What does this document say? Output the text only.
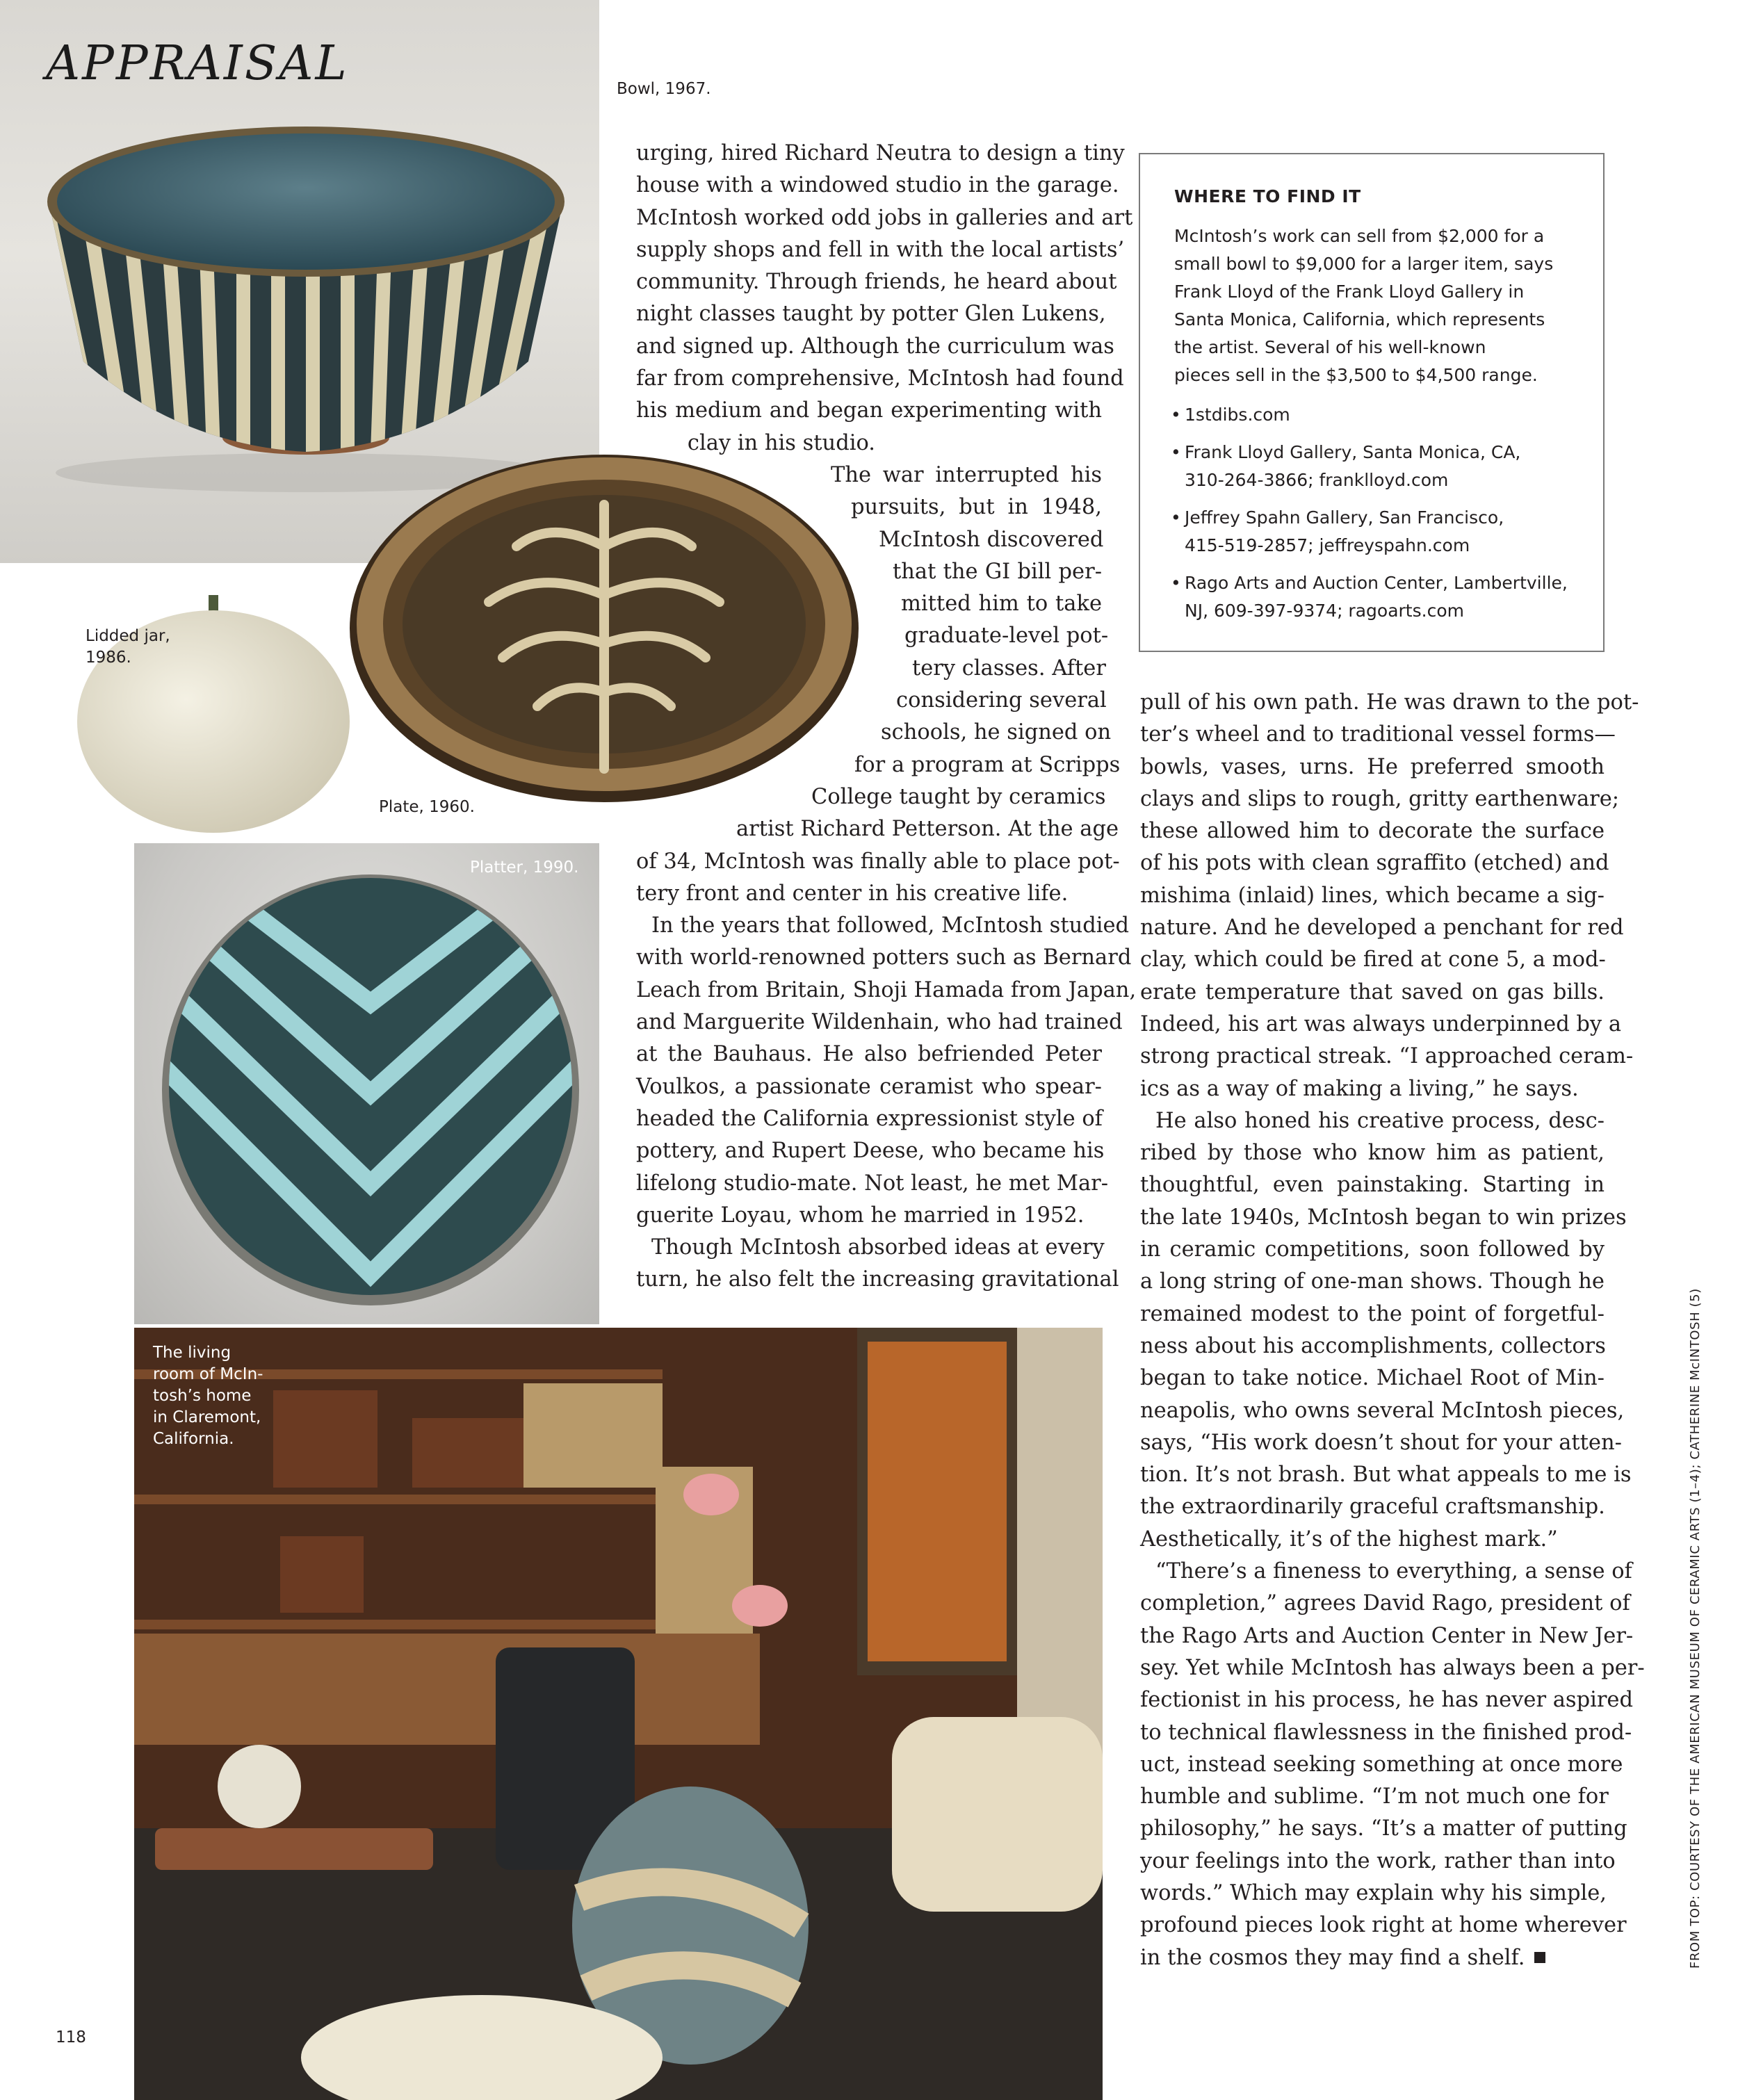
APPRAISAL	Bowl, 1967.
Lidded jar,
1986.
Plate, 1960.
Platter, 1990.
The living
room of McIn-
tosh’s home
in Claremont,
California.
urging, hired Richard Neutra to design a tiny
house with a windowed studio in the garage.
McIntosh worked odd jobs in galleries and art
supply shops and fell in with the local artists’
community. Through friends, he heard about
night classes taught by potter Glen Lukens,
and signed up. Although the curriculum was
far from comprehensive, McIntosh had found
his medium and began experimenting with
clay in his studio.
The war interrupted his
pursuits, but in 1948,
McIntosh discovered
that the GI bill per-
mitted him to take
graduate-level pot-
tery classes. After
considering several
schools, he signed on
for a program at Scripps
College taught by ceramics
artist Richard Petterson. At the age
of 34, McIntosh was finally able to place pot-
tery front and center in his creative life.
In the years that followed, McIntosh studied
with world-renowned potters such as Bernard
Leach from Britain, Shoji Hamada from Japan,
and Marguerite Wildenhain, who had trained
at the Bauhaus. He also befriended Peter
Voulkos, a passionate ceramist who spear-
headed the California expressionist style of
pottery, and Rupert Deese, who became his
lifelong studio-mate. Not least, he met Mar-
guerite Loyau, whom he married in 1952.
Though McIntosh absorbed ideas at every
turn, he also felt the increasing gravitational
WHERE TO FIND IT
McIntosh’s work can sell from $2,000 for a
small bowl to $9,000 for a larger item, says
Frank Lloyd of the Frank Lloyd Gallery in
Santa Monica, California, which represents
the artist. Several of his well-known
pieces sell in the $3,500 to $4,500 range.
• 1stdibs.com
• Frank Lloyd Gallery, Santa Monica, CA,
310-264-3866; franklloyd.com
• Jeffrey Spahn Gallery, San Francisco,
415-519-2857; jeffreyspahn.com
• Rago Arts and Auction Center, Lambertville,
NJ, 609-397-9374; ragoarts.com
pull of his own path. He was drawn to the pot-
ter’s wheel and to traditional vessel forms—
bowls, vases, urns. He preferred smooth
clays and slips to rough, gritty earthenware;
these allowed him to decorate the surface
of his pots with clean sgraffito (etched) and
mishima (inlaid) lines, which became a sig-
nature. And he developed a penchant for red
clay, which could be fired at cone 5, a mod-
erate temperature that saved on gas bills.
Indeed, his art was always underpinned by a
strong practical streak. “I approached ceram-
ics as a way of making a living,” he says.
He also honed his creative process, desc-
ribed by those who know him as patient,
thoughtful, even painstaking. Starting in
the late 1940s, McIntosh began to win prizes
in ceramic competitions, soon followed by
a long string of one-man shows. Though he
remained modest to the point of forgetful-
ness about his accomplishments, collectors
began to take notice. Michael Root of Min-
neapolis, who owns several McIntosh pieces,
says, “His work doesn’t shout for your atten-
tion. It’s not brash. But what appeals to me is
the extraordinarily graceful craftsmanship.
Aesthetically, it’s of the highest mark.”
“There’s a fineness to everything, a sense of
completion,” agrees David Rago, president of
the Rago Arts and Auction Center in New Jer-
sey. Yet while McIntosh has always been a per-
fectionist in his process, he has never aspired
to technical flawlessness in the finished prod-
uct, instead seeking something at once more
humble and sublime. “I’m not much one for
philosophy,” he says. “It’s a matter of putting
your feelings into the work, rather than into
words.” Which may explain why his simple,
profound pieces look right at home wherever
in the cosmos they may find a shelf.	FROM TOP: COURTESY OF THE AMERICAN MUSEUM OF CERAMIC ARTS (1–4); CATHERINE McINTOSH (5)
118
